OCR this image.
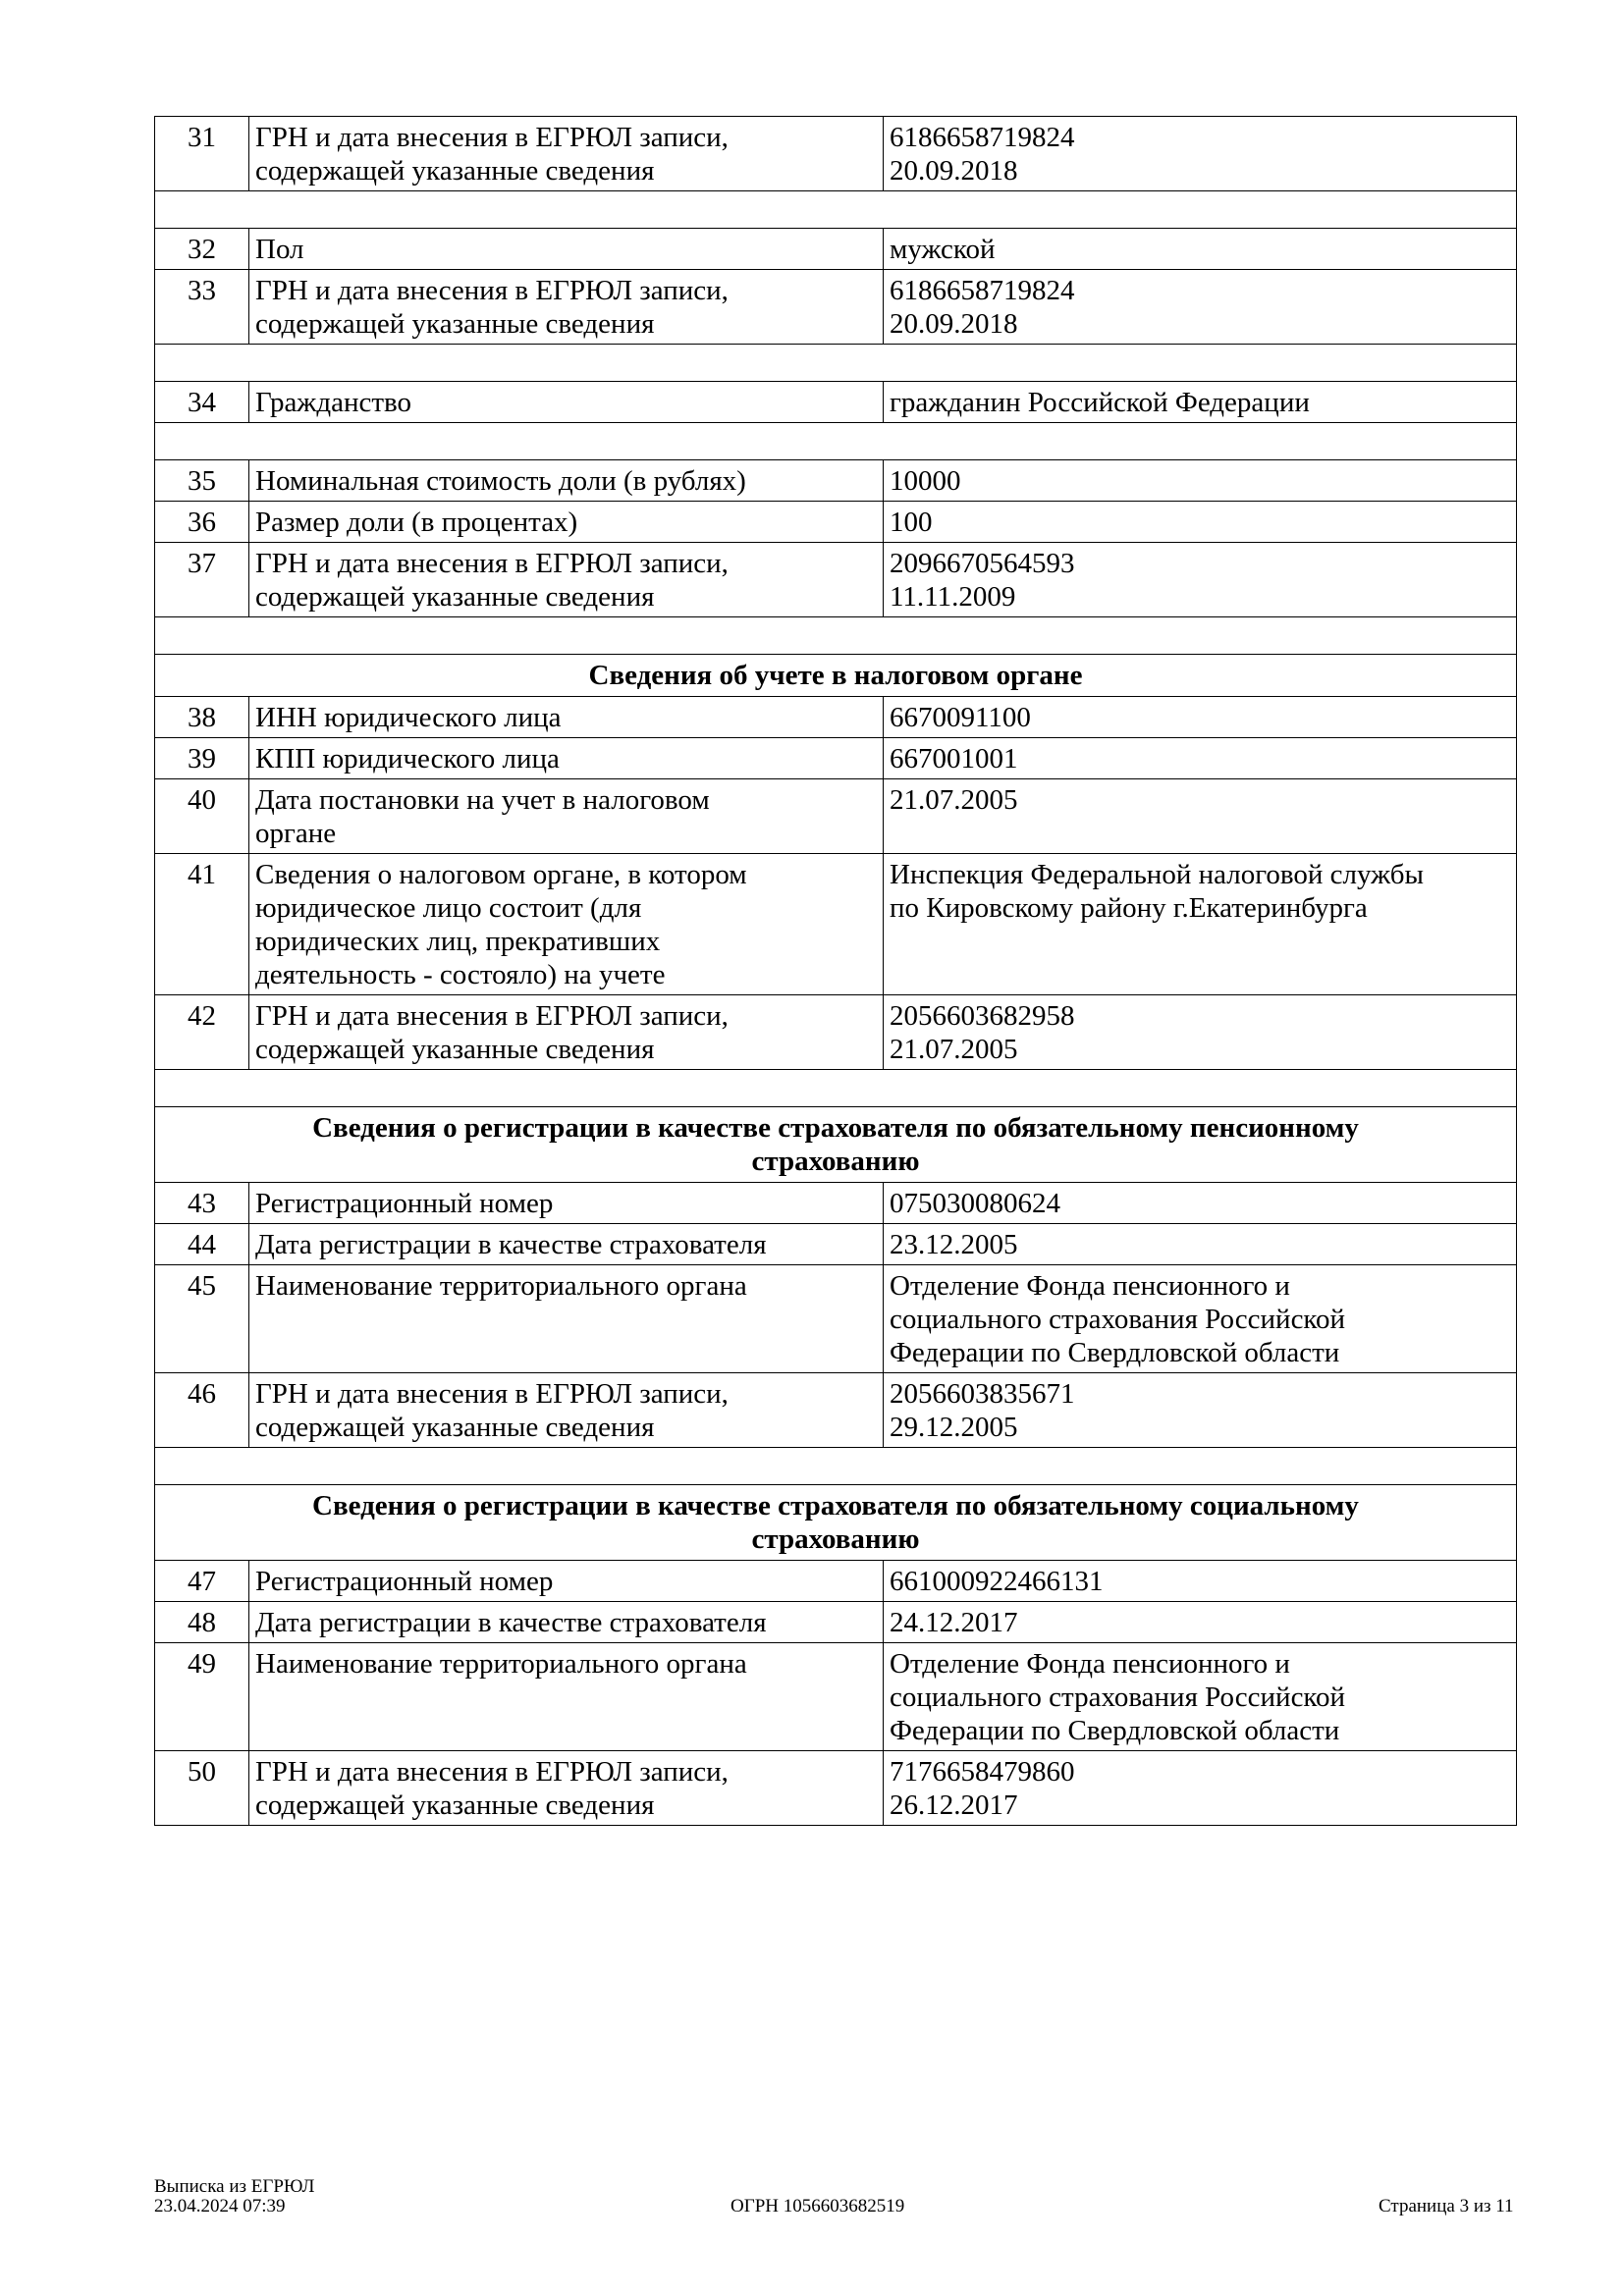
31	ГРН и дата внесения в ЕГРЮЛ записи,
содержащей указанные сведения	6186658719824
20.09.2018

32	Пол	мужской
33	ГРН и дата внесения в ЕГРЮЛ записи,
содержащей указанные сведения	6186658719824
20.09.2018

34	Гражданство	гражданин Российской Федерации

35	Номинальная стоимость доли (в рублях)	10000
36	Размер доли (в процентах)	100
37	ГРН и дата внесения в ЕГРЮЛ записи,
содержащей указанные сведения	2096670564593
11.11.2009

Сведения об учете в налоговом органе		
38	ИНН юридического лица	6670091100
39	КПП юридического лица	667001001
40	Дата постановки на учет в налоговом
органе	21.07.2005
41	Сведения о налоговом органе, в котором
юридическое лицо состоит (для
юридических лиц, прекративших
деятельность - состояло) на учете	Инспекция Федеральной налоговой службы
по Кировскому району г.Екатеринбурга
42	ГРН и дата внесения в ЕГРЮЛ записи,
содержащей указанные сведения	2056603682958
21.07.2005

Сведения о регистрации в качестве страхователя по обязательному пенсионному
страхованию		
43	Регистрационный номер	075030080624
44	Дата регистрации в качестве страхователя	23.12.2005
45	Наименование территориального органа	Отделение Фонда пенсионного и
социального страхования Российской
Федерации по Свердловской области
46	ГРН и дата внесения в ЕГРЮЛ записи,
содержащей указанные сведения	2056603835671
29.12.2005

Сведения о регистрации в качестве страхователя по обязательному социальному
страхованию		
47	Регистрационный номер	661000922466131
48	Дата регистрации в качестве страхователя	24.12.2017
49	Наименование территориального органа	Отделение Фонда пенсионного и
социального страхования Российской
Федерации по Свердловской области
50	ГРН и дата внесения в ЕГРЮЛ записи,
содержащей указанные сведения	7176658479860
26.12.2017
Выписка из ЕГРЮЛ
23.04.2024 07:39	ОГРН 1056603682519	Страница 3 из 11
